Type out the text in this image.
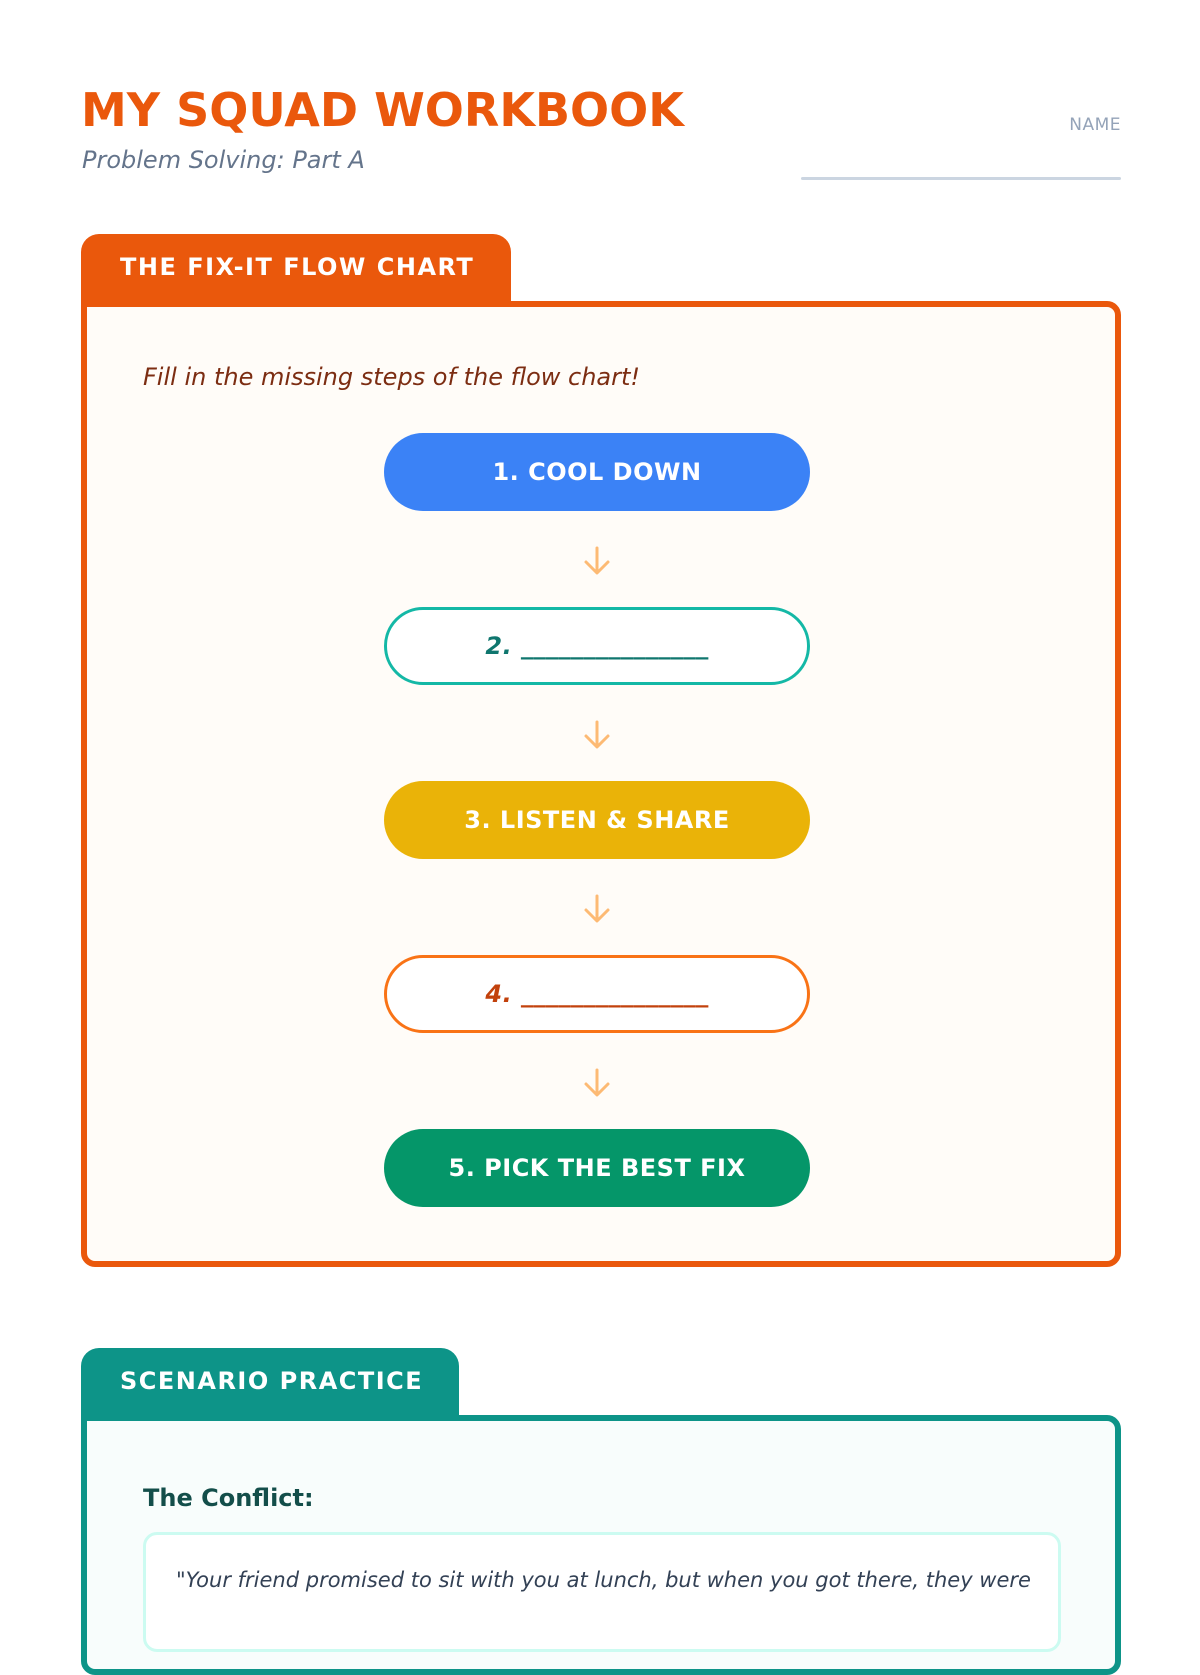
MY SQUAD WORKBOOK
Problem Solving: Part A
NAME
THE FIX-IT FLOW CHART
Fill in the missing steps of the flow chart!
1. COOL DOWN
2. _______________
3. LISTEN & SHARE
4. _______________
5. PICK THE BEST FIX
SCENARIO PRACTICE
The Conflict:
"Your friend promised to sit with you at lunch, but when you got there, they were
